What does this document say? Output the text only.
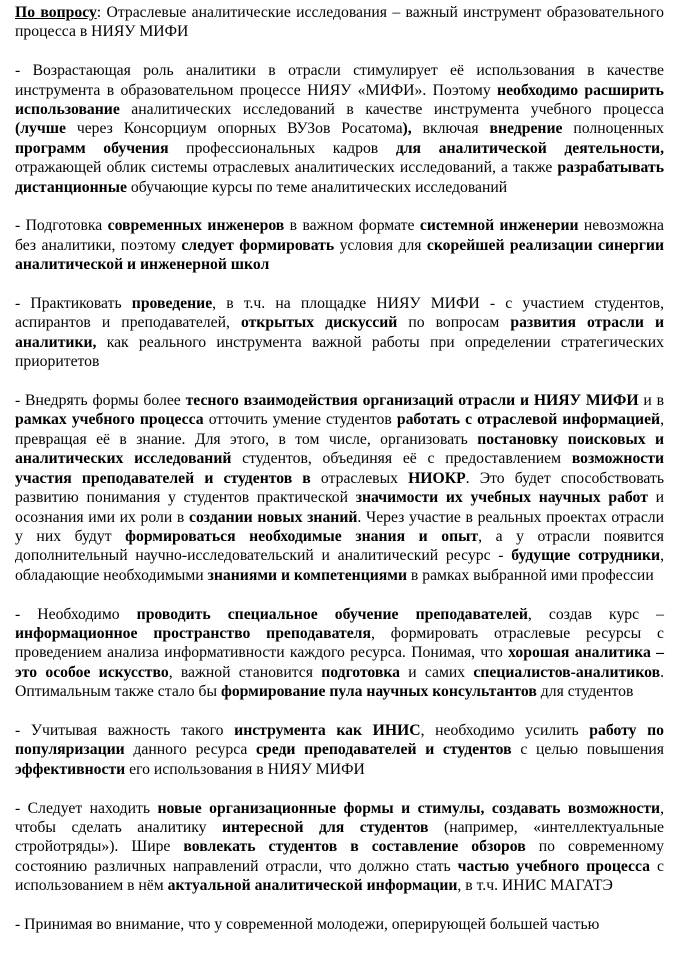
По вопросу: Отраслевые аналитические исследования – важный инструмент образовательного процесса в НИЯУ МИФИ

- Возрастающая роль аналитики в отрасли стимулирует её использования в качестве инструмента в образовательном процессе НИЯУ «МИФИ». Поэтому необходимо расширить использование аналитических исследований в качестве инструмента учебного процесса (лучше через Консорциум опорных ВУЗов Росатома), включая внедрение полноценных программ обучения профессиональных кадров для аналитической деятельности, отражающей облик системы отраслевых аналитических исследований, а также разрабатывать дистанционные обучающие курсы по теме аналитических исследований

- Подготовка современных инженеров в важном формате системной инженерии невозможна без аналитики, поэтому следует формировать условия для скорейшей реализации синергии аналитической и инженерной школ

- Практиковать проведение, в т.ч. на площадке НИЯУ МИФИ - с участием студентов, аспирантов и преподавателей, открытых дискуссий по вопросам развития отрасли и аналитики, как реального инструмента важной работы при определении стратегических приоритетов

- Внедрять формы более тесного взаимодействия организаций отрасли и НИЯУ МИФИ и в рамках учебного процесса отточить умение студентов работать с отраслевой информацией, превращая её в знание. Для этого, в том числе, организовать постановку поисковых и аналитических исследований студентов, объединяя её с предоставлением возможности участия преподавателей и студентов в отраслевых НИОКР. Это будет способствовать развитию понимания у студентов практической значимости их учебных научных работ и осознания ими их роли в создании новых знаний. Через участие в реальных проектах отрасли у них будут формироваться необходимые знания и опыт, а у отрасли появится дополнительный научно-исследовательский и аналитический ресурс - будущие сотрудники, обладающие необходимыми знаниями и компетенциями в рамках выбранной ими профессии

- Необходимо проводить специальное обучение преподавателей, создав курс – информационное пространство преподавателя, формировать отраслевые ресурсы с проведением анализа информативности каждого ресурса. Понимая, что хорошая аналитика – это особое искусство, важной становится подготовка и самих специалистов-аналитиков. Оптимальным также стало бы формирование пула научных консультантов для студентов

- Учитывая важность такого инструмента как ИНИС, необходимо усилить работу по популяризации данного ресурса среди преподавателей и студентов с целью повышения эффективности его использования в НИЯУ МИФИ

- Следует находить новые организационные формы и стимулы, создавать возможности, чтобы сделать аналитику интересной для студентов (например, «интеллектуальные стройотряды»). Шире вовлекать студентов в составление обзоров по современному состоянию различных направлений отрасли, что должно стать частью учебного процесса с использованием в нём актуальной аналитической информации, в т.ч. ИНИС МАГАТЭ

- Принимая во внимание, что у современной молодежи, оперирующей большей частью
